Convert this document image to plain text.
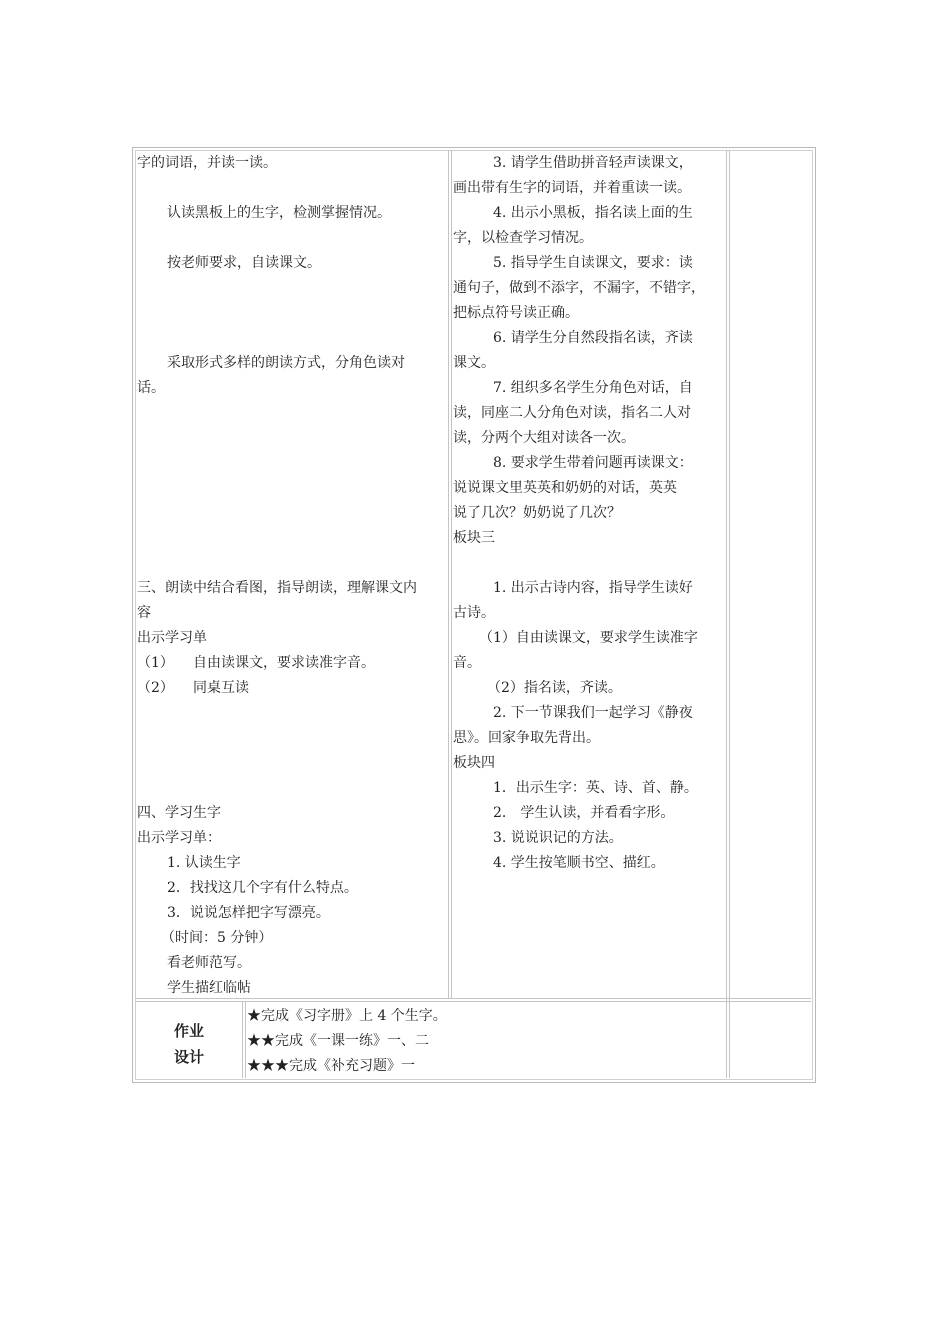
字的词语，并读一读。
认读黑板上的生字，检测掌握情况。
按老师要求，自读课文。
采取形式多样的朗读方式，分角色读对
话。
三、朗读中结合看图，指导朗读，理解课文内
容
出示学习单
（1） 自由读课文，要求读准字音。
（2） 同桌互读
四、学习生字
出示学习单：
1. 认读生字
2．找找这几个字有什么特点。
3．说说怎样把字写漂亮。
（时间：5 分钟）
看老师范写。
学生描红临帖
3. 请学生借助拼音轻声读课文，
画出带有生字的词语，并着重读一读。
4. 出示小黑板，指名读上面的生
字，以检查学习情况。
5. 指导学生自读课文，要求：读
通句子，做到不添字，不漏字，不错字，
把标点符号读正确。
6. 请学生分自然段指名读，齐读
课文。
7. 组织多名学生分角色对话，自
读，同座二人分角色对读，指名二人对
读，分两个大组对读各一次。
8. 要求学生带着问题再读课文：
说说课文里英英和奶奶的对话，英英
说了几次？奶奶说了几次？
板块三
1. 出示古诗内容，指导学生读好
古诗。
（1）自由读课文，要求学生读准字
音。
（2）指名读，齐读。
2. 下一节课我们一起学习《静夜
思》。回家争取先背出。
板块四
1．出示生字：英、诗、首、静。
2． 学生认读，并看看字形。
3. 说说识记的方法。
4. 学生按笔顺书空、描红。
作业
设计
★完成《习字册》上 4 个生字。
★★完成《一课一练》一、二
★★★完成《补充习题》一
